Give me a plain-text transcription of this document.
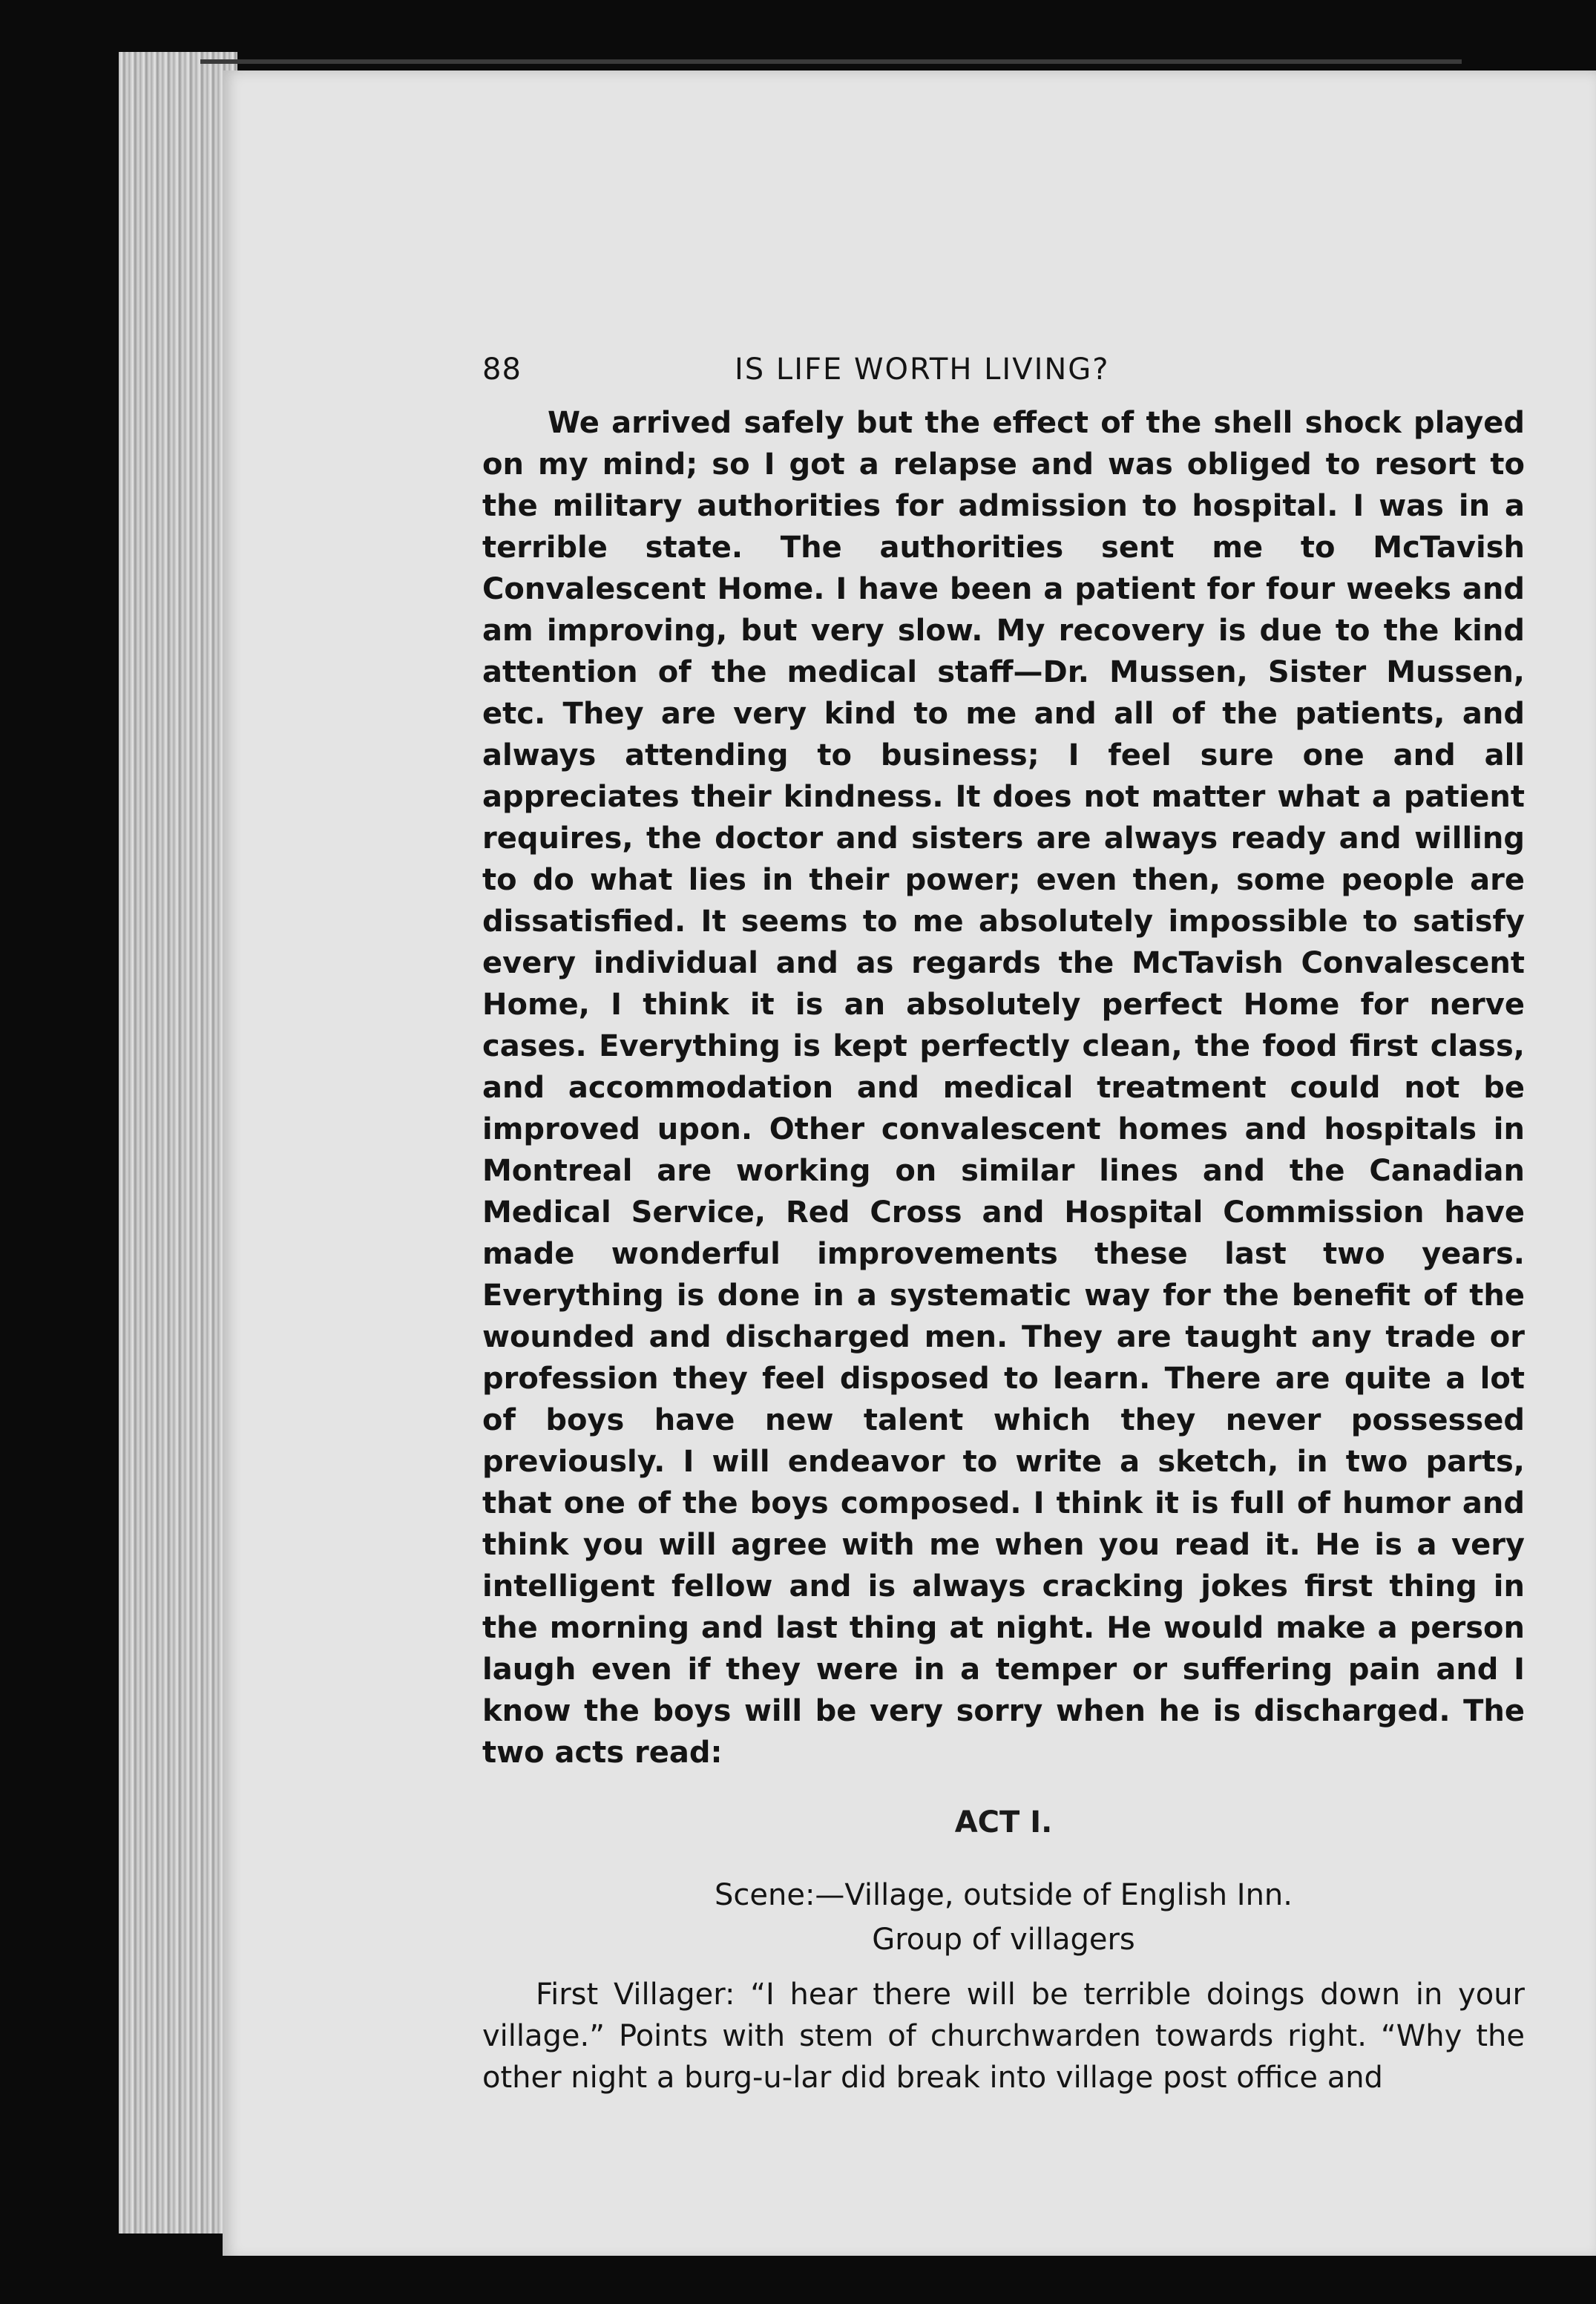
88	IS LIFE WORTH LIVING?

We arrived safely but the effect of the shell shock played on my mind; so I got a relapse and was obliged to resort to the military authorities for admission to hospital. I was in a terrible state. The authorities sent me to McTavish Convalescent Home. I have been a patient for four weeks and am improving, but very slow. My recovery is due to the kind attention of the medical staff—Dr. Mussen, Sister Mussen, etc. They are very kind to me and all of the patients, and always attending to business; I feel sure one and all appreciates their kindness. It does not matter what a patient requires, the doctor and sisters are always ready and willing to do what lies in their power; even then, some people are dissatisfied. It seems to me absolutely impossible to satisfy every individual and as regards the McTavish Convalescent Home, I think it is an absolutely perfect Home for nerve cases. Everything is kept perfectly clean, the food first class, and accommodation and medical treatment could not be improved upon. Other convalescent homes and hospitals in Montreal are working on similar lines and the Canadian Medical Service, Red Cross and Hospital Commission have made wonderful improvements these last two years. Everything is done in a systematic way for the benefit of the wounded and discharged men. They are taught any trade or profession they feel disposed to learn. There are quite a lot of boys have new talent which they never possessed previously. I will endeavor to write a sketch, in two parts, that one of the boys composed. I think it is full of humor and think you will agree with me when you read it. He is a very intelligent fellow and is always cracking jokes first thing in the morning and last thing at night. He would make a person laugh even if they were in a temper or suffering pain and I know the boys will be very sorry when he is discharged. The two acts read:

ACT I.
Scene:—Village, outside of English Inn.
Group of villagers

First Villager: “I hear there will be terrible doings down in your village.” Points with stem of churchwarden towards right. “Why the other night a burg-u-lar did break into village post office and
